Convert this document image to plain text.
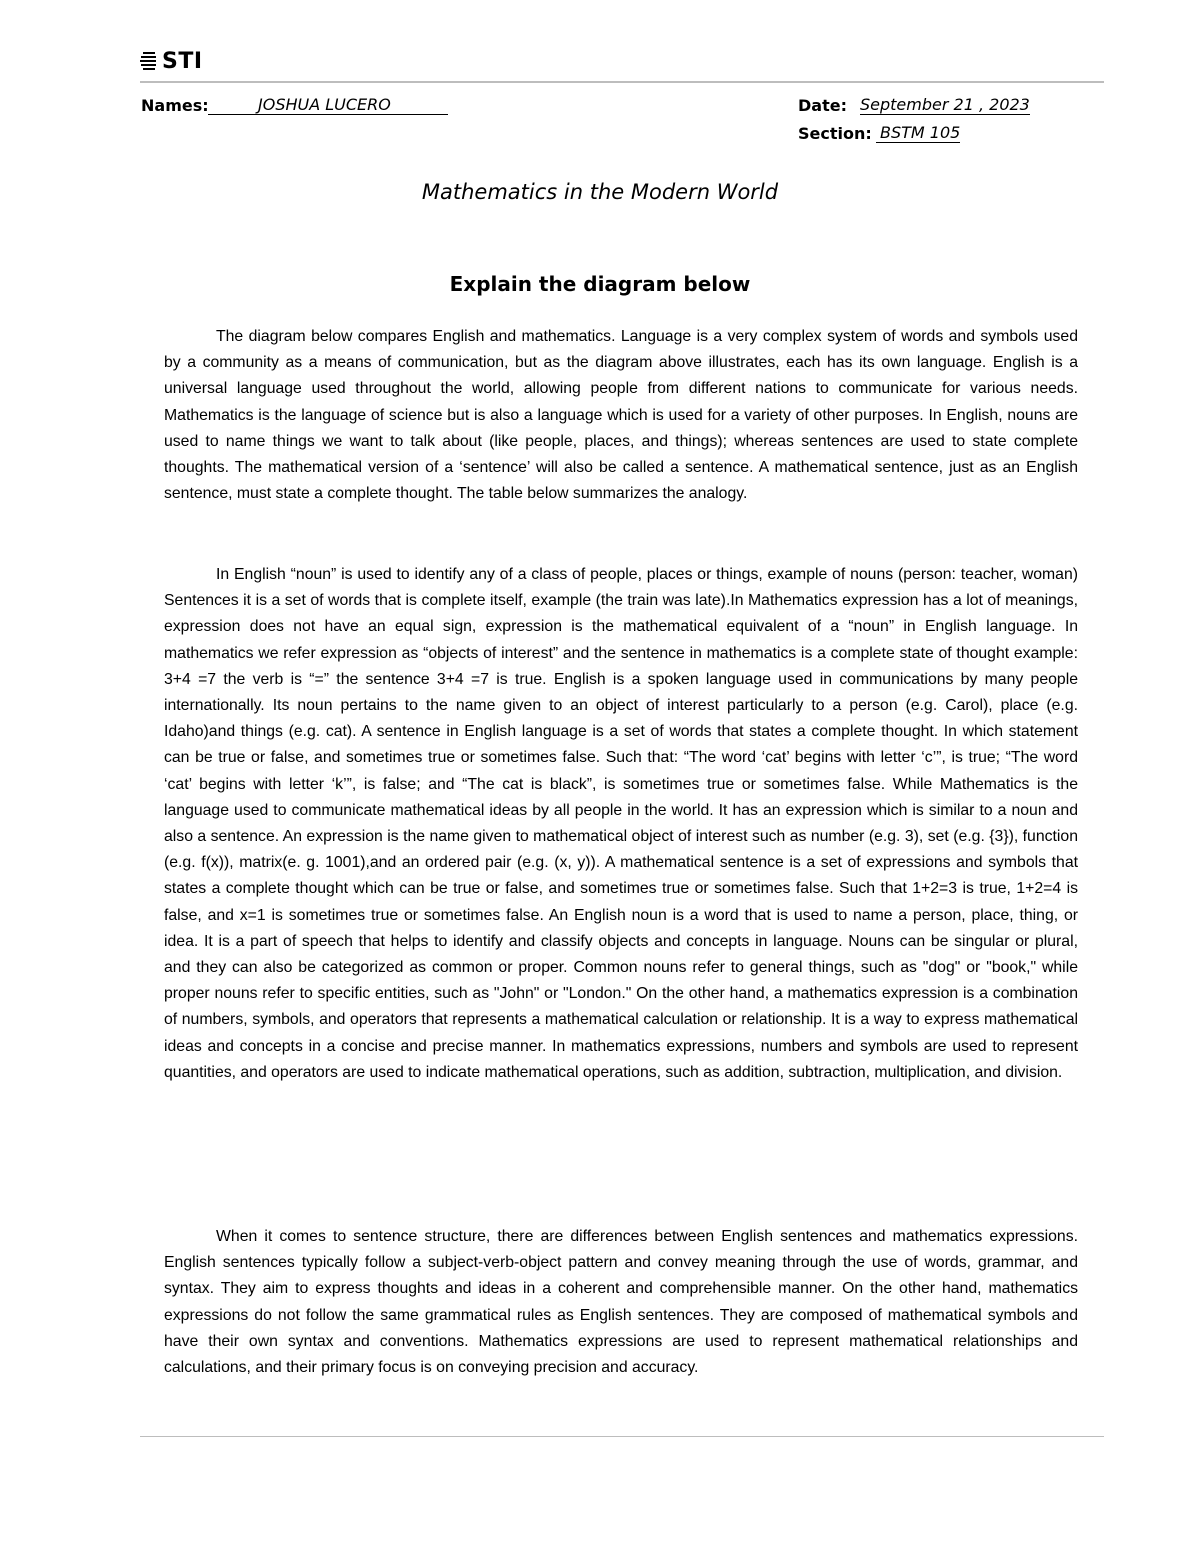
STI
Names:	JOSHUA LUCERO	Date: September 21 , 2023
Section: BSTM 105
Mathematics in the Modern World
Explain the diagram below

The diagram below compares English and mathematics. Language is a very complex system of words and symbols used by a community as a means of communication, but as the diagram above illustrates, each has its own language. English is a universal language used throughout the world, allowing people from different nations to communicate for various needs. Mathematics is the language of science but is also a language which is used for a variety of other purposes. In English, nouns are used to name things we want to talk about (like people, places, and things); whereas sentences are used to state complete thoughts. The mathematical version of a ‘sentence’ will also be called a sentence. A mathematical sentence, just as an English sentence, must state a complete thought. The table below summarizes the analogy.

In English “noun” is used to identify any of a class of people, places or things, example of nouns (person: teacher, woman) Sentences it is a set of words that is complete itself, example (the train was late).In Mathematics expression has a lot of meanings, expression does not have an equal sign, expression is the mathematical equivalent of a “noun” in English language. In mathematics we refer expression as “objects of interest” and the sentence in mathematics is a complete state of thought example: 3+4 =7 the verb is “=” the sentence 3+4 =7 is true. English is a spoken language used in communications by many people internationally. Its noun pertains to the name given to an object of interest particularly to a person (e.g. Carol), place (e.g. Idaho)and things (e.g. cat). A sentence in English language is a set of words that states a complete thought. In which statement can be true or false, and sometimes true or sometimes false. Such that: “The word ‘cat’ begins with letter ‘c’”, is true; “The word ‘cat’ begins with letter ‘k’”, is false; and “The cat is black”, is sometimes true or sometimes false. While Mathematics is the language used to communicate mathematical ideas by all people in the world. It has an expression which is similar to a noun and also a sentence. An expression is the name given to mathematical object of interest such as number (e.g. 3), set (e.g. {3}), function (e.g. f(x)), matrix(e. g. 1001),and an ordered pair (e.g. (x, y)). A mathematical sentence is a set of expressions and symbols that states a complete thought which can be true or false, and sometimes true or sometimes false. Such that 1+2=3 is true, 1+2=4 is false, and x=1 is sometimes true or sometimes false. An English noun is a word that is used to name a person, place, thing, or idea. It is a part of speech that helps to identify and classify objects and concepts in language. Nouns can be singular or plural, and they can also be categorized as common or proper. Common nouns refer to general things, such as "dog" or "book," while proper nouns refer to specific entities, such as "John" or "London." On the other hand, a mathematics expression is a combination of numbers, symbols, and operators that represents a mathematical calculation or relationship. It is a way to express mathematical ideas and concepts in a concise and precise manner. In mathematics expressions, numbers and symbols are used to represent quantities, and operators are used to indicate mathematical operations, such as addition, subtraction, multiplication, and division.

When it comes to sentence structure, there are differences between English sentences and mathematics expressions. English sentences typically follow a subject-verb-object pattern and convey meaning through the use of words, grammar, and syntax. They aim to express thoughts and ideas in a coherent and comprehensible manner. On the other hand, mathematics expressions do not follow the same grammatical rules as English sentences. They are composed of mathematical symbols and have their own syntax and conventions. Mathematics expressions are used to represent mathematical relationships and calculations, and their primary focus is on conveying precision and accuracy.
